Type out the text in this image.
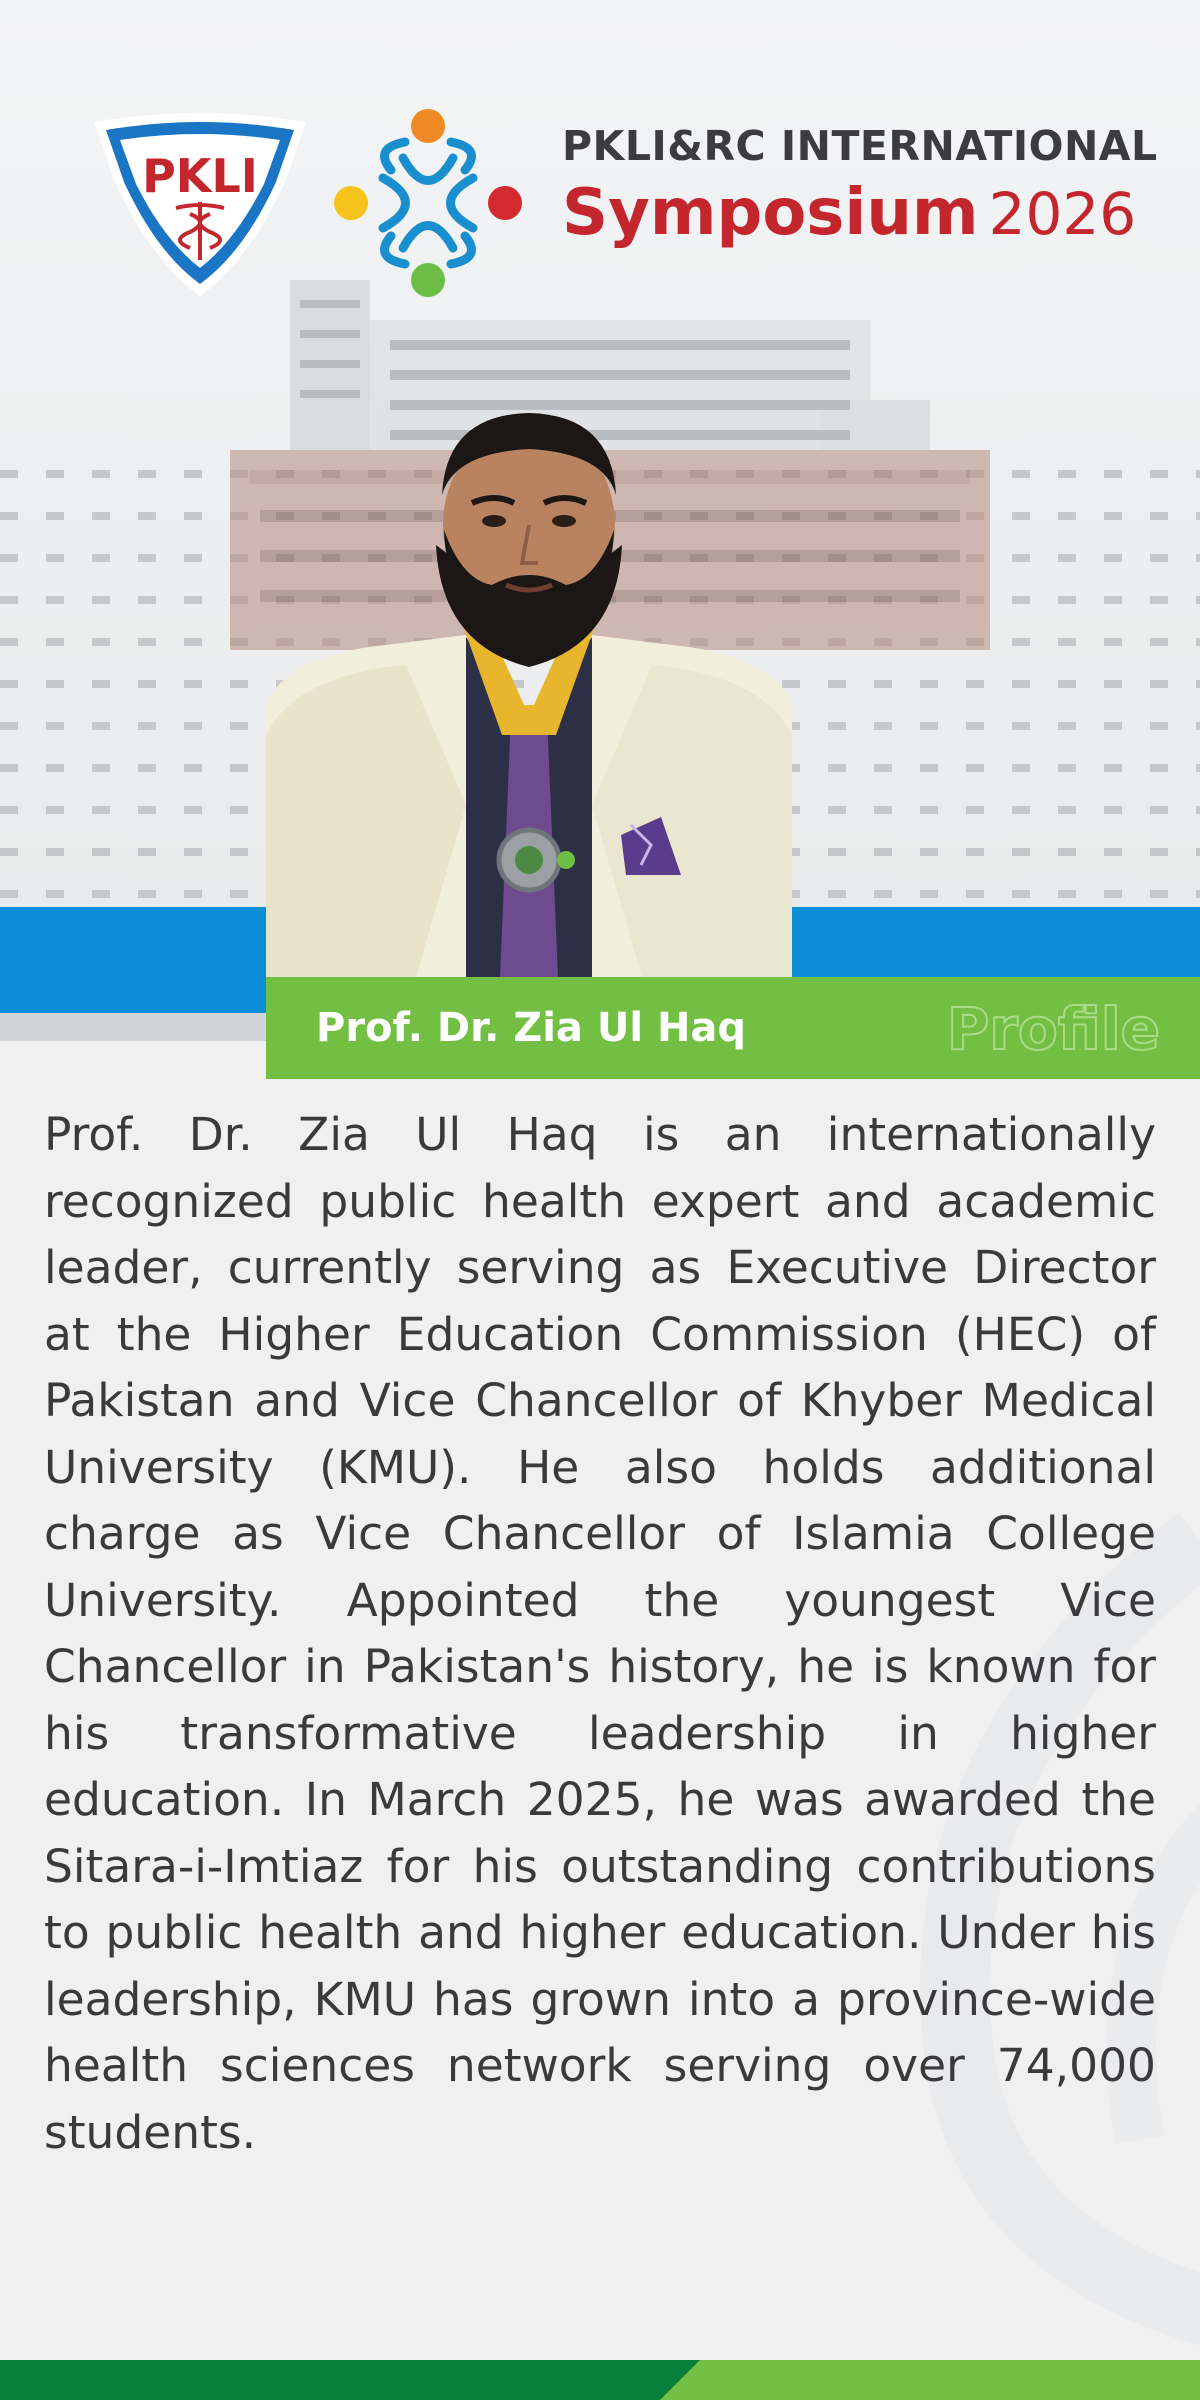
PKLI
PKLI&RC INTERNATIONAL
Symposium 2026
Prof. Dr. Zia Ul Haq	Profile

Prof. Dr. Zia Ul Haq is an internationally recognized public health expert and academic leader, currently serving as Executive Director at the Higher Education Commission (HEC) of Pakistan and Vice Chancellor of Khyber Medical University (KMU). He also holds additional charge as Vice Chancellor of Islamia College University. Appointed the youngest Vice Chancellor in Pakistan's history, he is known for his transformative leadership in higher education. In March 2025, he was awarded the Sitara-i-Imtiaz for his outstanding contributions to public health and higher education. Under his leadership, KMU has grown into a province-wide health sciences network serving over 74,000 students.
